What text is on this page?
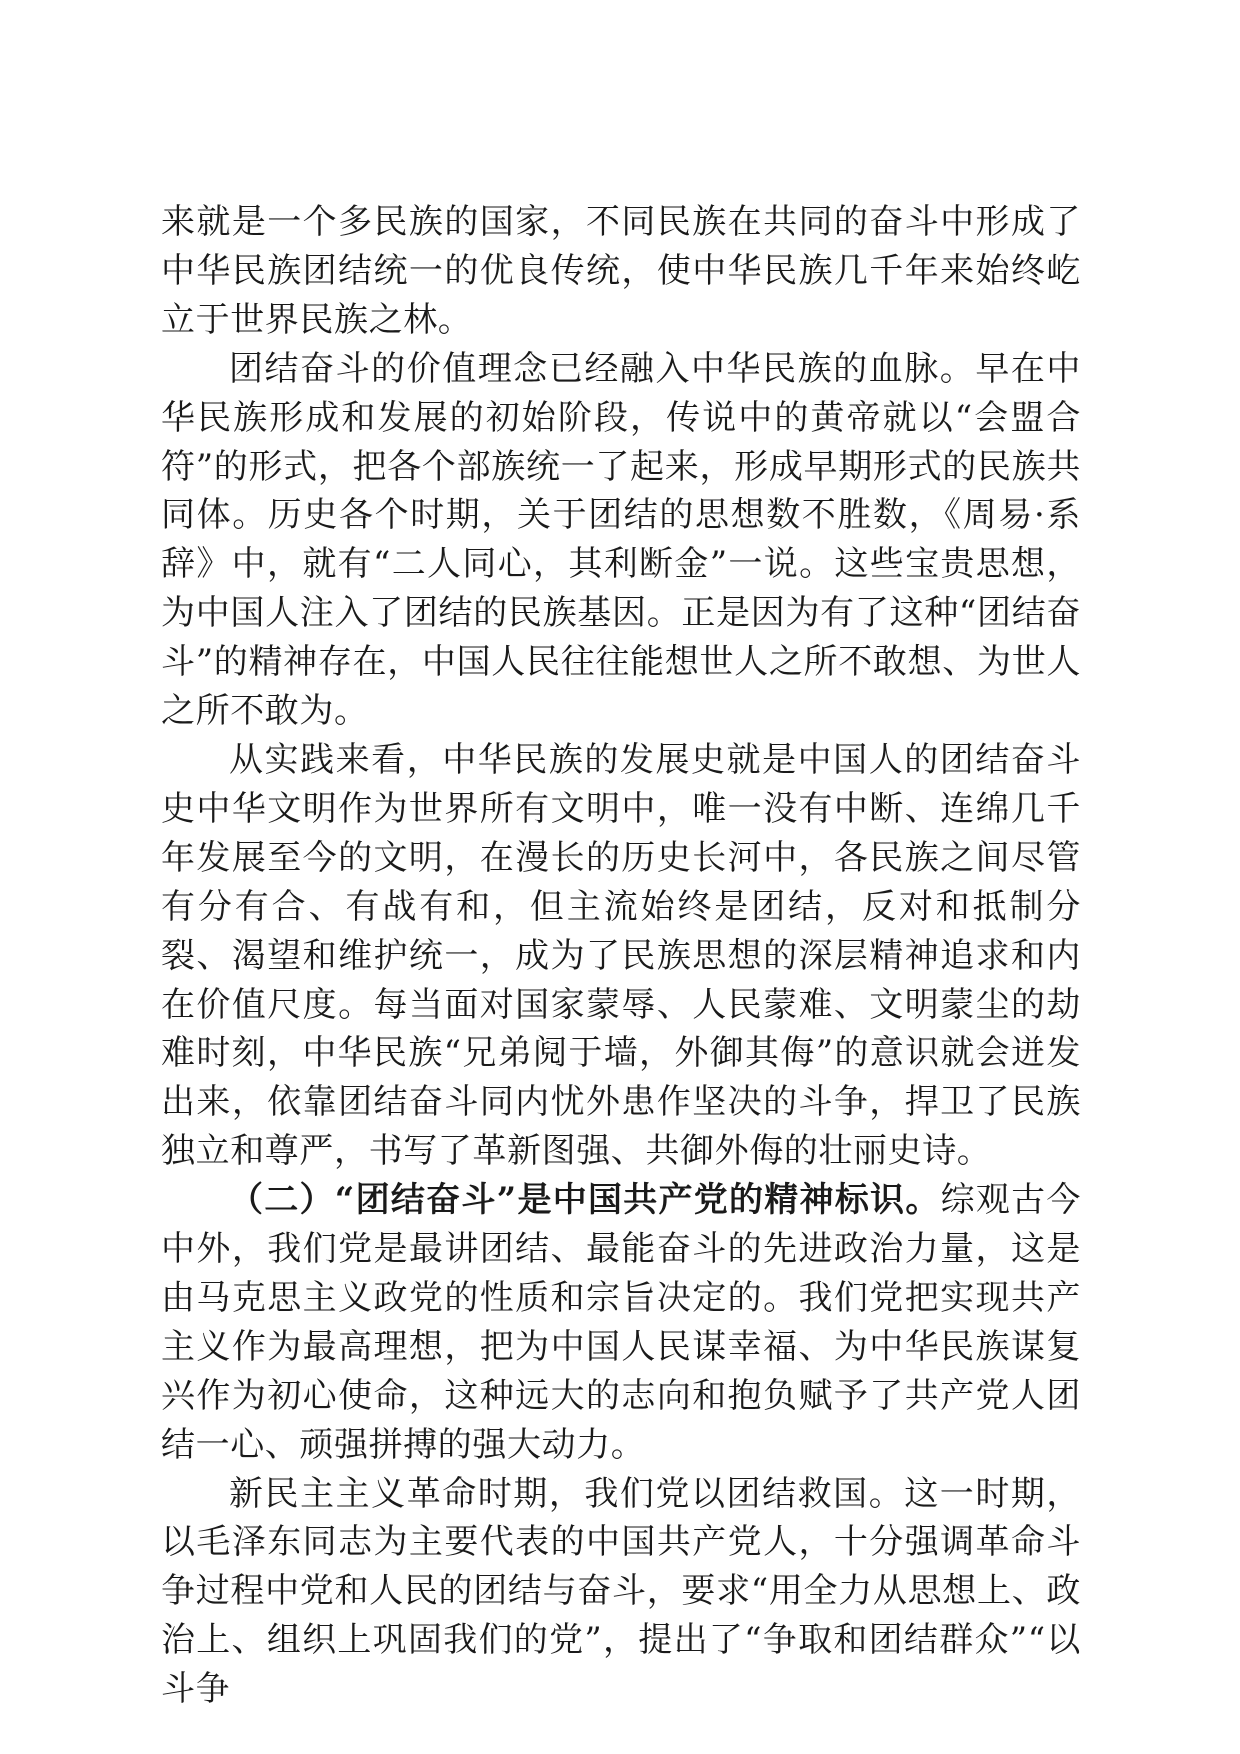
来就是一个多民族的国家，不同民族在共同的奋斗中形成了中华民族团结统一的优良传统，使中华民族几千年来始终屹立于世界民族之林。

团结奋斗的价值理念已经融入中华民族的血脉。早在中华民族形成和发展的初始阶段，传说中的黄帝就以“会盟合符”的形式，把各个部族统一了起来，形成早期形式的民族共同体。历史各个时期，关于团结的思想数不胜数，《周易·系辞》中，就有“二人同心，其利断金”一说。这些宝贵思想，为中国人注入了团结的民族基因。正是因为有了这种“团结奋斗”的精神存在，中国人民往往能想世人之所不敢想、为世人之所不敢为。

从实践来看，中华民族的发展史就是中国人的团结奋斗史中华文明作为世界所有文明中，唯一没有中断、连绵几千年发展至今的文明，在漫长的历史长河中，各民族之间尽管有分有合、有战有和，但主流始终是团结，反对和抵制分裂、渴望和维护统一，成为了民族思想的深层精神追求和内在价值尺度。每当面对国家蒙辱、人民蒙难、文明蒙尘的劫难时刻，中华民族“兄弟阋于墙，外御其侮”的意识就会迸发出来，依靠团结奋斗同内忧外患作坚决的斗争，捍卫了民族独立和尊严，书写了革新图强、共御外侮的壮丽史诗。

（二）“团结奋斗”是中国共产党的精神标识。综观古今中外，我们党是最讲团结、最能奋斗的先进政治力量，这是由马克思主义政党的性质和宗旨决定的。我们党把实现共产主义作为最高理想，把为中国人民谋幸福、为中华民族谋复兴作为初心使命，这种远大的志向和抱负赋予了共产党人团结一心、顽强拼搏的强大动力。

新民主主义革命时期，我们党以团结救国。这一时期，以毛泽东同志为主要代表的中国共产党人，十分强调革命斗争过程中党和人民的团结与奋斗，要求“用全力从思想上、政治上、组织上巩固我们的党”，提出了“争取和团结群众”“以斗争
